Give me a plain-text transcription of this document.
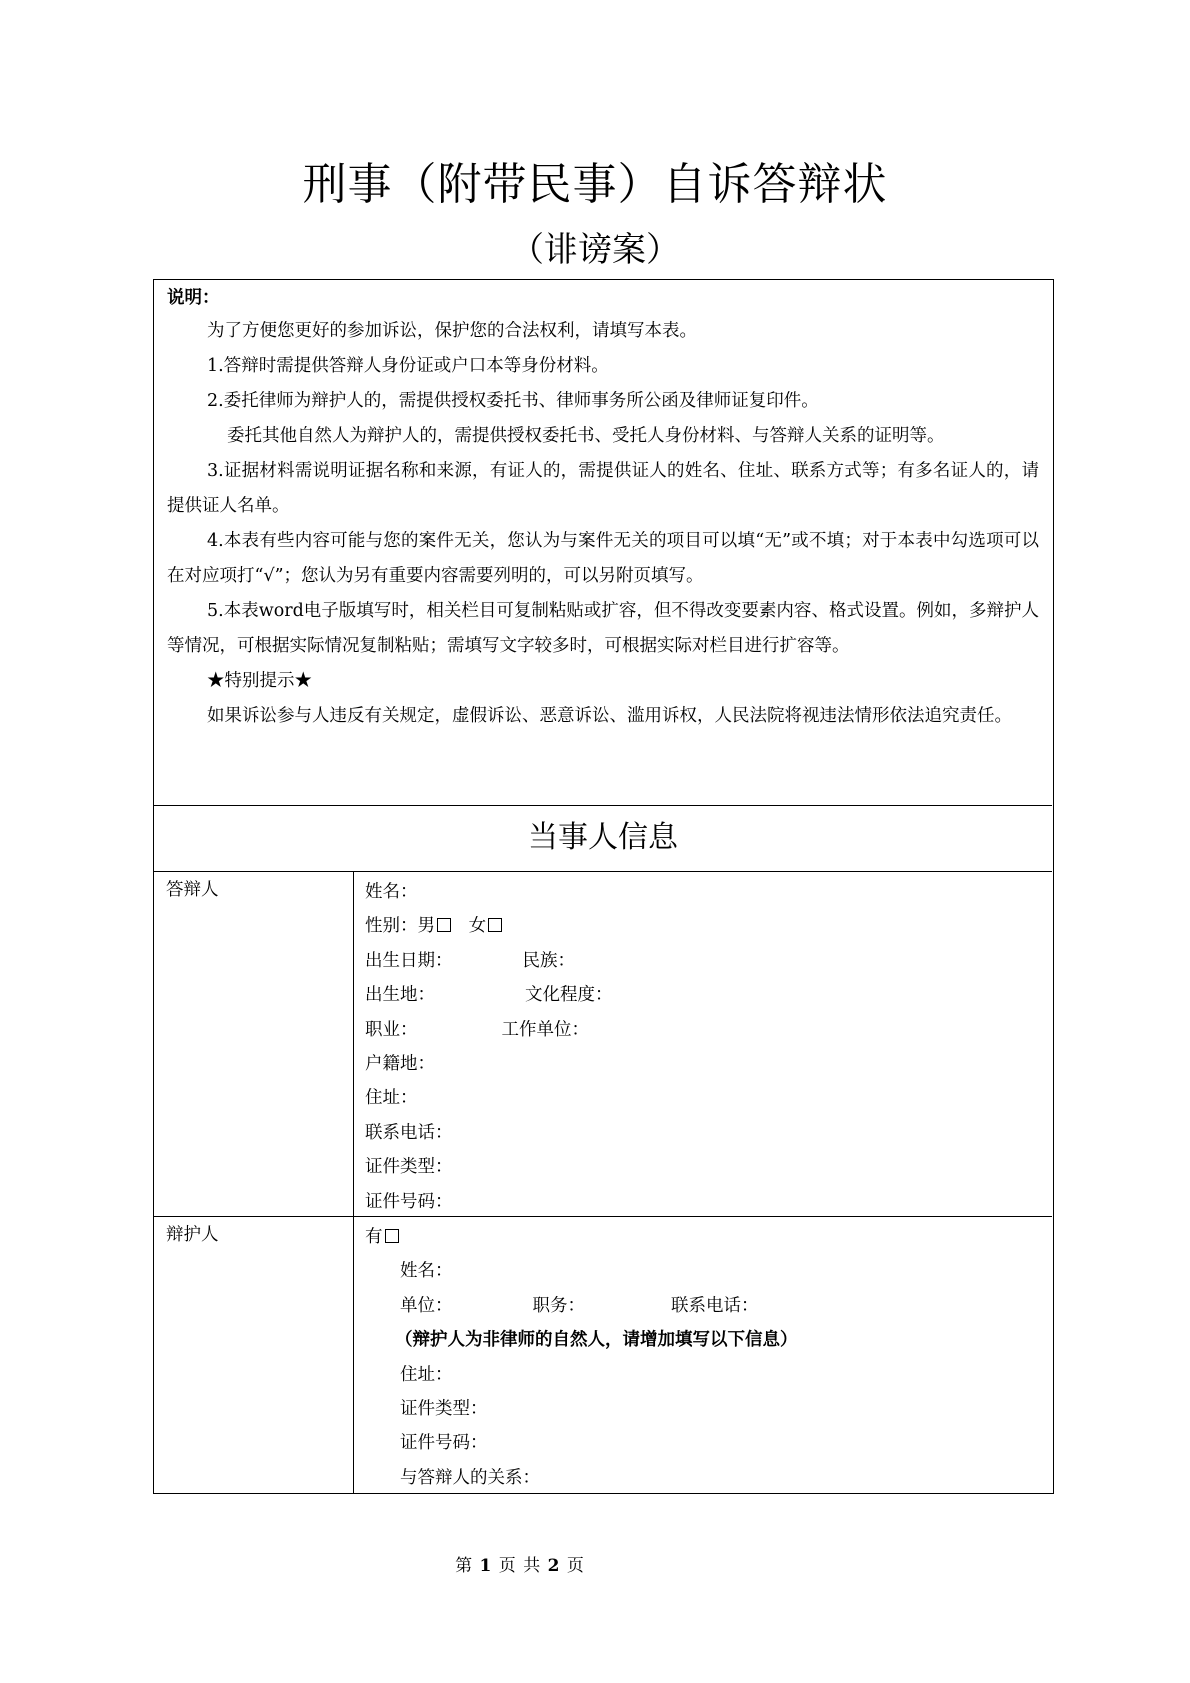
刑事（附带民事）自诉答辩状
（诽谤案）
说明：

为了方便您更好的参加诉讼，保护您的合法权利，请填写本表。

1.答辩时需提供答辩人身份证或户口本等身份材料。

2.委托律师为辩护人的，需提供授权委托书、律师事务所公函及律师证复印件。

委托其他自然人为辩护人的，需提供授权委托书、受托人身份材料、与答辩人关系的证明等。

3.证据材料需说明证据名称和来源，有证人的，需提供证人的姓名、住址、联系方式等；有多名证人的，请提供证人名单。

4.本表有些内容可能与您的案件无关，您认为与案件无关的项目可以填“无”或不填；对于本表中勾选项可以在对应项打“√”；您认为另有重要内容需要列明的，可以另附页填写。

5.本表word电子版填写时，相关栏目可复制粘贴或扩容，但不得改变要素内容、格式设置。例如，多辩护人等情况，可根据实际情况复制粘贴；需填写文字较多时，可根据实际对栏目进行扩容等。

★特别提示★

如果诉讼参与人违反有关规定，虚假诉讼、恶意诉讼、滥用诉权，人民法院将视违法情形依法追究责任。

当事人信息
答辩人	姓名：
性别：男 女
出生日期：	民族：
出生地：	文化程度：
职业：	工作单位：
户籍地：
住址：
联系电话：
证件类型：
证件号码：
辩护人	有
姓名：
单位：	职务：	联系电话：
（辩护人为非律师的自然人，请增加填写以下信息）
住址：
证件类型：
证件号码：
与答辩人的关系：
第 1 页 共 2 页
